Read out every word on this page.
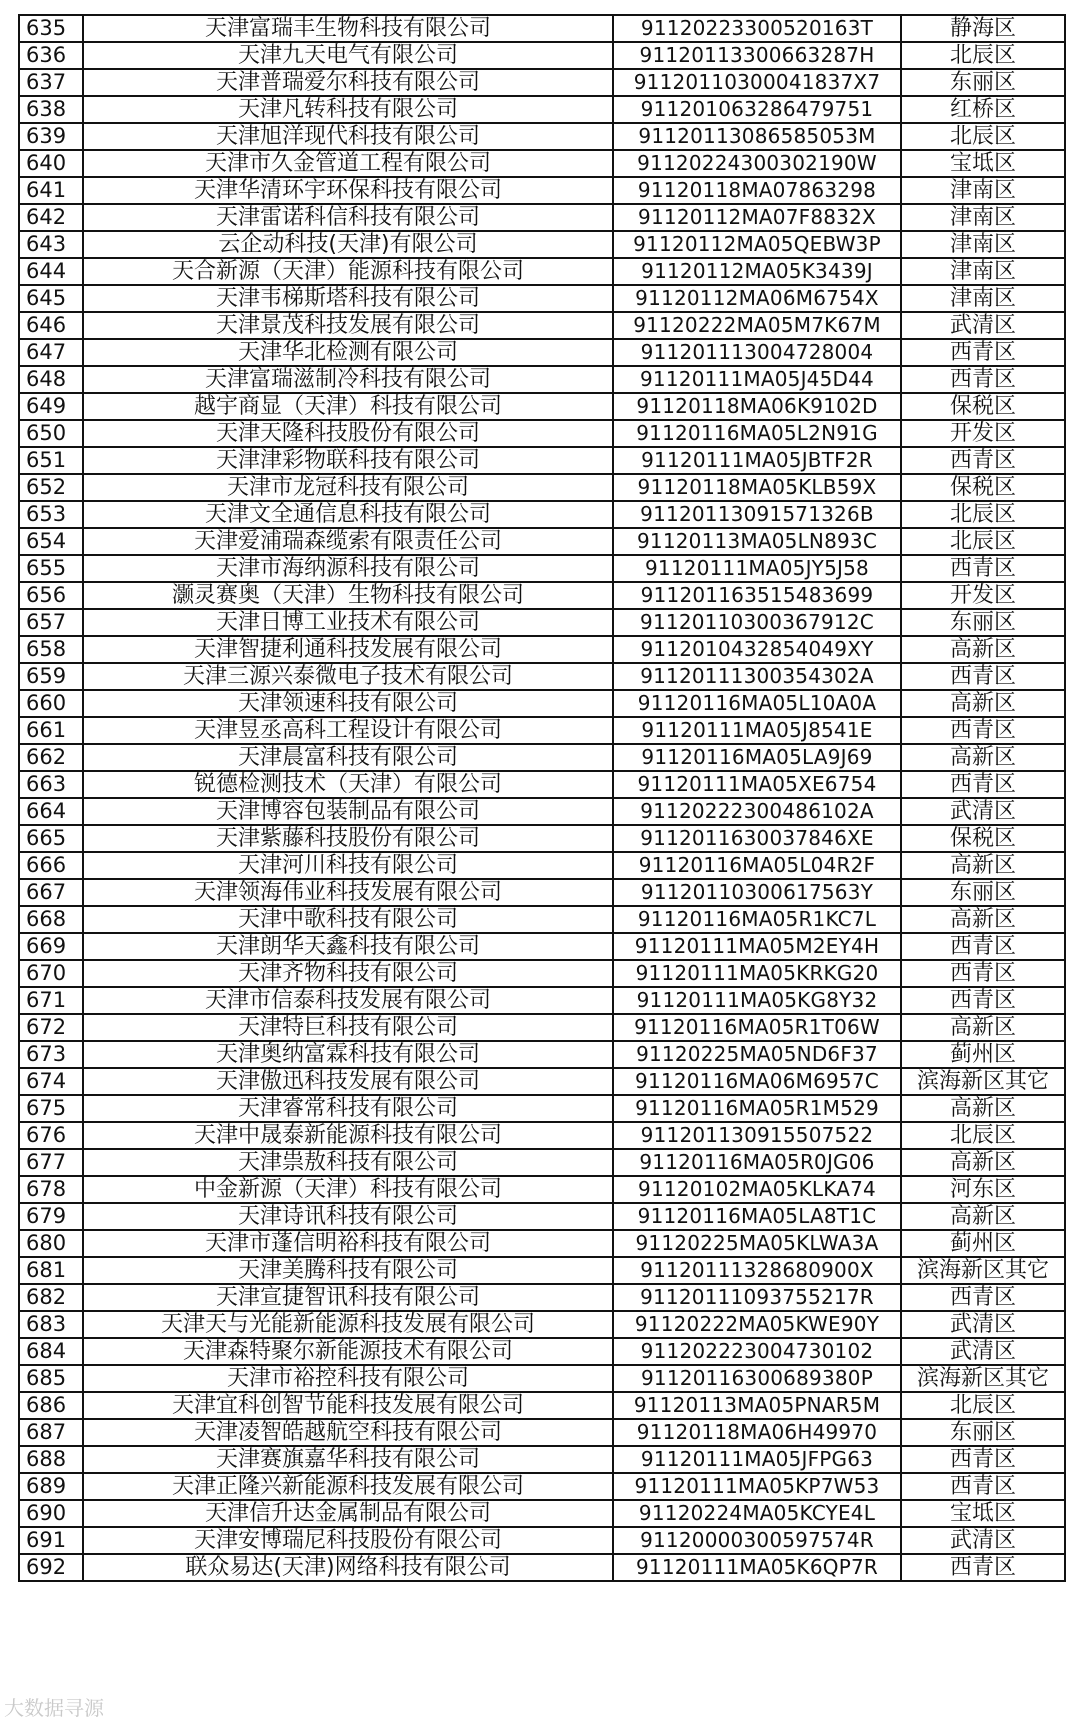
635	天津富瑞丰生物科技有限公司	91120223300520163T	静海区
636	天津九天电气有限公司	91120113300663287H	北辰区
637	天津普瑞爱尔科技有限公司	91120110300041837X7	东丽区
638	天津凡转科技有限公司	911201063286479751	红桥区
639	天津旭洋现代科技有限公司	91120113086585053M	北辰区
640	天津市久金管道工程有限公司	91120224300302190W	宝坻区
641	天津华清环宇环保科技有限公司	91120118MA07863298	津南区
642	天津雷诺科信科技有限公司	91120112MA07F8832X	津南区
643	云企动科技(天津)有限公司	91120112MA05QEBW3P	津南区
644	天合新源（天津）能源科技有限公司	91120112MA05K3439J	津南区
645	天津韦梯斯塔科技有限公司	91120112MA06M6754X	津南区
646	天津景茂科技发展有限公司	91120222MA05M7K67M	武清区
647	天津华北检测有限公司	911201113004728004	西青区
648	天津富瑞滋制冷科技有限公司	91120111MA05J45D44	西青区
649	越宇商显（天津）科技有限公司	91120118MA06K9102D	保税区
650	天津天隆科技股份有限公司	91120116MA05L2N91G	开发区
651	天津津彩物联科技有限公司	91120111MA05JBTF2R	西青区
652	天津市龙冠科技有限公司	91120118MA05KLB59X	保税区
653	天津文全通信息科技有限公司	91120113091571326B	北辰区
654	天津爱浦瑞森缆索有限责任公司	91120113MA05LN893C	北辰区
655	天津市海纳源科技有限公司	91120111MA05JY5J58	西青区
656	灏灵赛奥（天津）生物科技有限公司	911201163515483699	开发区
657	天津日博工业技术有限公司	91120110300367912C	东丽区
658	天津智捷利通科技发展有限公司	9112010432854049XY	高新区
659	天津三源兴泰微电子技术有限公司	91120111300354302A	西青区
660	天津领速科技有限公司	91120116MA05L10A0A	高新区
661	天津昱丞高科工程设计有限公司	91120111MA05J8541E	西青区
662	天津晨富科技有限公司	91120116MA05LA9J69	高新区
663	锐德检测技术（天津）有限公司	91120111MA05XE6754	西青区
664	天津博容包装制品有限公司	91120222300486102A	武清区
665	天津紫藤科技股份有限公司	9112011630037846XE	保税区
666	天津河川科技有限公司	91120116MA05L04R2F	高新区
667	天津领海伟业科技发展有限公司	91120110300617563Y	东丽区
668	天津中歌科技有限公司	91120116MA05R1KC7L	高新区
669	天津朗华天鑫科技有限公司	91120111MA05M2EY4H	西青区
670	天津齐物科技有限公司	91120111MA05KRKG20	西青区
671	天津市信泰科技发展有限公司	91120111MA05KG8Y32	西青区
672	天津特巨科技有限公司	91120116MA05R1T06W	高新区
673	天津奥纳富霖科技有限公司	91120225MA05ND6F37	蓟州区
674	天津傲迅科技发展有限公司	91120116MA06M6957C	滨海新区其它
675	天津睿常科技有限公司	91120116MA05R1M529	高新区
676	天津中晟泰新能源科技有限公司	911201130915507522	北辰区
677	天津祟敖科技有限公司	91120116MA05R0JG06	高新区
678	中金新源（天津）科技有限公司	91120102MA05KLKA74	河东区
679	天津诗讯科技有限公司	91120116MA05LA8T1C	高新区
680	天津市蓬信明裕科技有限公司	91120225MA05KLWA3A	蓟州区
681	天津美腾科技有限公司	91120111328680900X	滨海新区其它
682	天津宣捷智讯科技有限公司	91120111093755217R	西青区
683	天津天与光能新能源科技发展有限公司	91120222MA05KWE90Y	武清区
684	天津森特聚尔新能源技术有限公司	911202223004730102	武清区
685	天津市裕控科技有限公司	91120116300689380P	滨海新区其它
686	天津宜科创智节能科技发展有限公司	91120113MA05PNAR5M	北辰区
687	天津凌智皓越航空科技有限公司	91120118MA06H49970	东丽区
688	天津赛旗嘉华科技有限公司	91120111MA05JFPG63	西青区
689	天津正隆兴新能源科技发展有限公司	91120111MA05KP7W53	西青区
690	天津信升达金属制品有限公司	91120224MA05KCYE4L	宝坻区
691	天津安博瑞尼科技股份有限公司	91120000300597574R	武清区
692	联众易达(天津)网络科技有限公司	91120111MA05K6QP7R	西青区
大数据寻源
